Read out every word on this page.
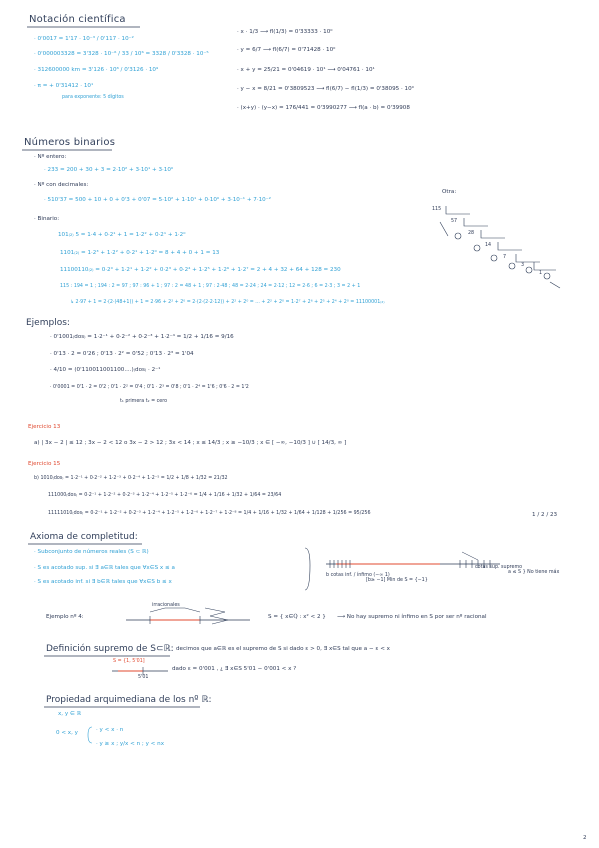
Notación científica
· 0'0017 = 1'17 · 10⁻³ / 0'117 · 10⁻²
· 0'000003328 = 3'328 · 10⁻⁶ / 33 / 10⁶ = 3328 / 0'3328 · 10⁻⁵
· 312600000 km = 3'126 · 10⁸ / 0'3126 · 10⁹
· π = + 0'31412 · 10¹
para exponente: 5 dígitos
· x · 1/3 ⟶ fl(1/3) = 0'33333 · 10⁰
· y = 6/7 ⟶ fl(6/7) = 0'71428 · 10⁰
· x + y = 25/21 = 0'04619 · 10¹ ⟶ 0'04761 · 10¹
· y − x = 8/21 = 0'3809523 ⟶ fl(6/7) − fl(1/3) = 0'38095 · 10⁰
· (x+y) · (y−x) = 176/441 = 0'3990277 ⟶ fl(a · b) = 0'39908
Números binarios
· Nº entero:
· 233 = 200 + 30 + 3 = 2·10² + 3·10¹ + 3·10⁰
· Nº con decimales:
· 510'37 = 500 + 10 + 0 + 0'3 + 0'07 = 5·10² + 1·10¹ + 0·10⁰ + 3·10⁻¹ + 7·10⁻²
· Binario:
101₍₂₎ 5 = 1·4 + 0·2¹ + 1 = 1·2² + 0·2¹ + 1·2⁰
1101₍₂₎ = 1·2³ + 1·2² + 0·2¹ + 1·2⁰ = 8 + 4 + 0 + 1 = 13
11100110₍₂₎ = 0·2⁰ + 1·2¹ + 1·2² + 0·2³ + 0·2⁴ + 1·2⁵ + 1·2⁶ + 1·2⁷ = 2 + 4 + 32 + 64 + 128 = 230
115 : 194 = 1 ; 194 : 2 = 97 ; 97 : 96 + 1 ; 97 : 2 = 48 + 1 ; 97 : 2·48 ; 48 = 2·24 ; 24 = 2·12 ; 12 = 2·6 ; 6 = 2·3 ; 3 = 2 + 1
↳ 2·97 + 1 = 2·(2·(48+1)) + 1 = 2·96 + 2² + 2⁰ = 2·(2·(2·2·12)) + 2² + 2⁰ = ... + 2² + 2⁰ = 1·2⁷ + 2⁶ + 2⁵ + 2⁴ + 2⁰ = 11100001₍₂₎
Otra:
115
57
28
14
7
3
1
Ejemplos:
· 0'1001₍dos₎ = 1·2⁻¹ + 0·2⁻² + 0·2⁻³ + 1·2⁻⁴ = 1/2 + 1/16 = 9/16
· 0'13 · 2 = 0'26 ; 0'13 · 2² = 0'52 ; 0'13 · 2³ = 1'04
· 4/10 = (0'110011001100....)₍dos₎ · 2⁻¹
· 0'0001 = 0'1 · 2 = 0'2 ; 0'1 · 2² = 0'4 ; 0'1 · 2³ = 0'8 ; 0'1 · 2⁴ = 1'6 ; 0'6 · 2 = 1'2
t₁ primera t₂ = cero
Ejercicio 13
a) | 3x − 2 | ≤ 12 ; 3x − 2 < 12 o 3x − 2 > 12 ; 3x < 14 ; x ≤ 14/3 ; x ≥ −10/3 ; x ∈ [ −∞, −10/3 ] ∪ [ 14/3, ∞ ]
Ejercicio 15
b) 1010₍dos₎ = 1·2⁻¹ + 0·2⁻² + 1·2⁻³ + 0·2⁻⁴ + 1·2⁻⁵ = 1/2 + 1/8 + 1/32 = 21/32
111000₍dos₎ = 0·2⁻¹ + 1·2⁻² + 0·2⁻³ + 1·2⁻⁴ + 1·2⁻⁵ + 1·2⁻⁶ = 1/4 + 1/16 + 1/32 + 1/64 = 23/64
11111010₍dos₎ = 0·2⁻¹ + 1·2⁻² + 0·2⁻³ + 1·2⁻⁴ + 1·2⁻⁵ + 1·2⁻⁶ + 1·2⁻⁷ + 1·2⁻⁸ = 1/4 + 1/16 + 1/32 + 1/64 + 1/128 + 1/256 = 95/256	1 / 2 / 23
Axioma de completitud:
· Subconjunto de números reales (S ⊂ ℝ)
· S es acotado sup. si ∃ a∈ℝ tales que ∀x∈S x ≤ a
· S es acotado inf. si ∃ b∈ℝ tales que ∀x∈S b ≤ x
b cotas inf. / ínfimo (−∞ 1)
[b≥ −1] Min de S = {−1}
cotas sup. supremo
a ≤ S } No tiene máx
Ejemplo nº 4:
irracionales
S = { x∈ℚ : x² < 2 } ⟶ No hay supremo ni ínfimo en S por ser nº racional
Definición supremo de S⊂ℝ: decimos que a∈ℝ es el supremo de S si dado ε > 0, ∃ x∈S tal que a − ε < x
S = {1, 5'01]
5'01
dado ε = 0'001 , ¿ ∃ x∈S 5'01 − 0'001 < x ?
Propiedad arquimediana de los nº ℝ:
x, y ∈ ℝ
0 < x, y	· y < x · n
· y ≥ x ; y/x < n ; y < nx
2
